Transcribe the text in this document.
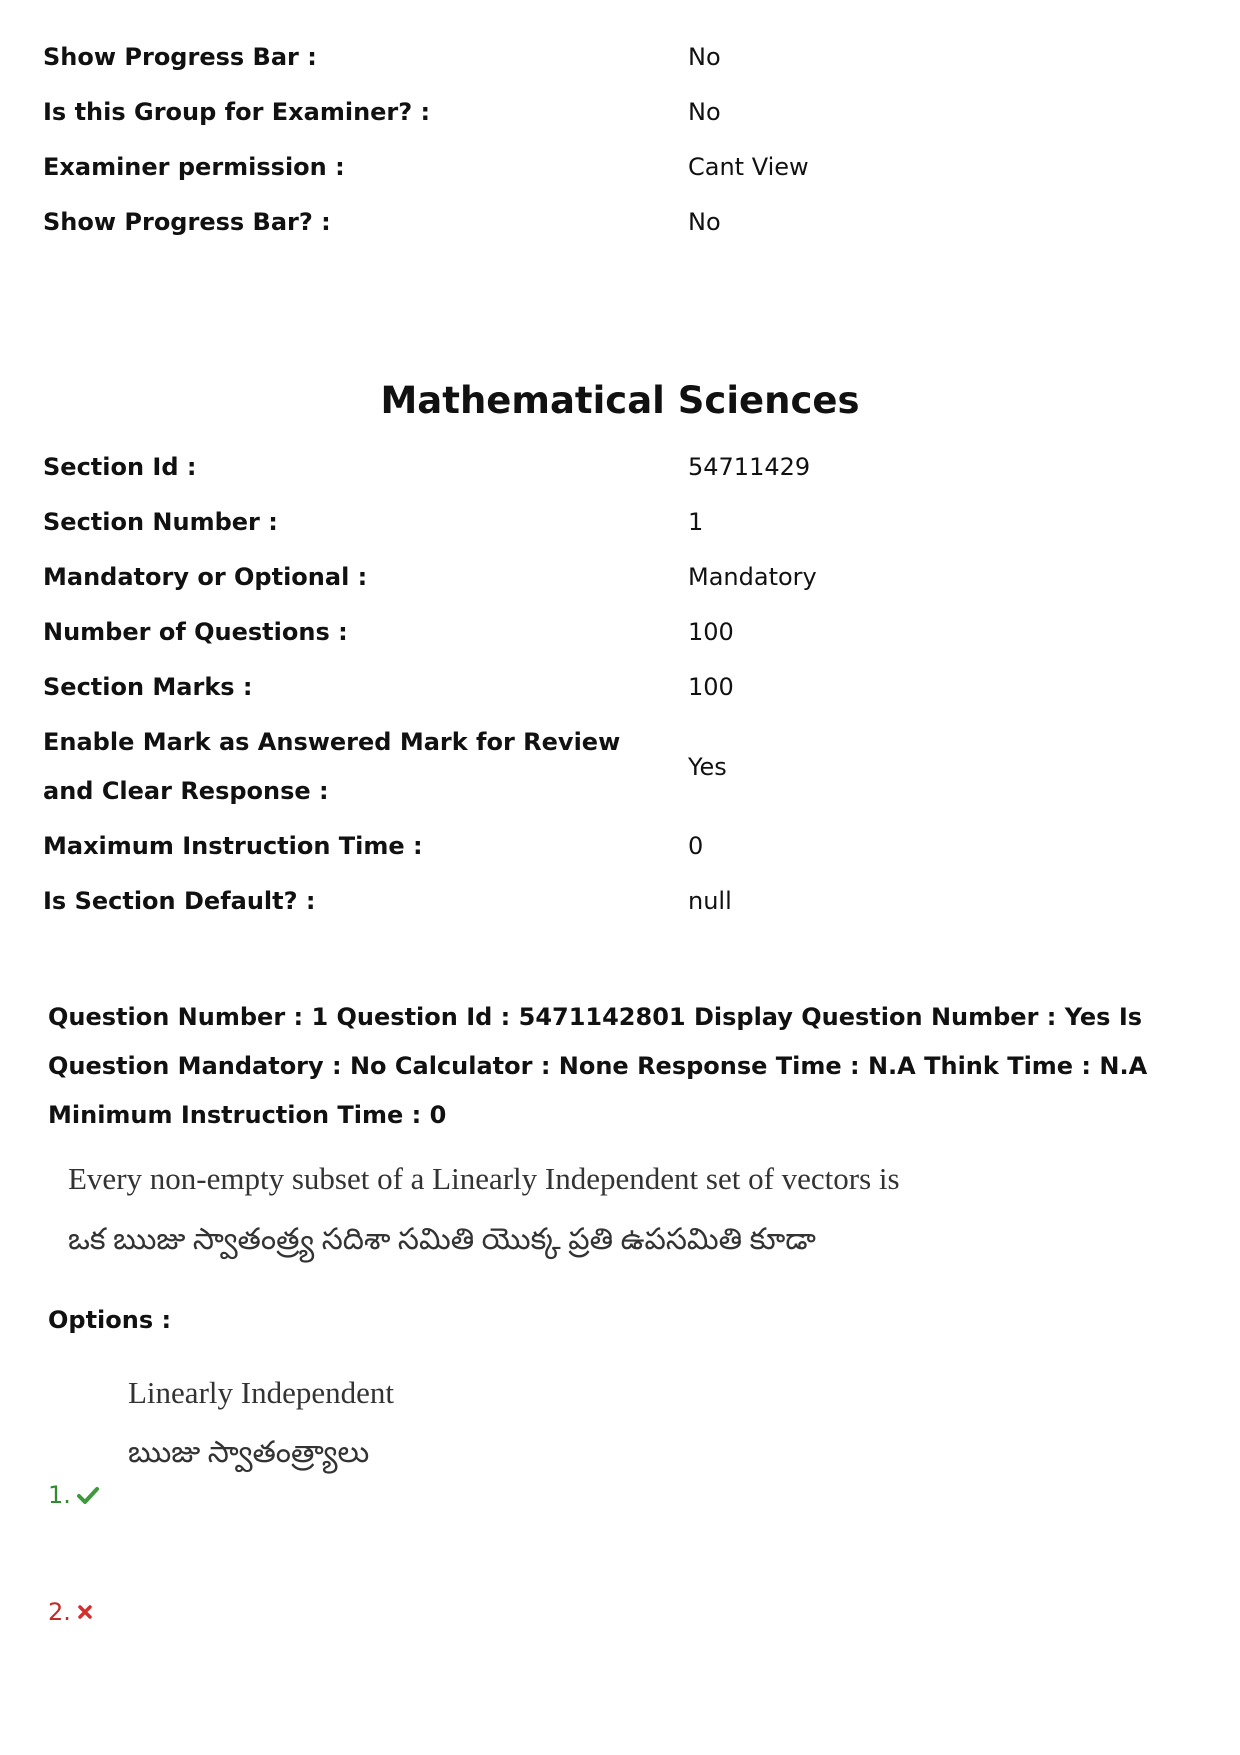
Show Progress Bar :	No
Is this Group for Examiner? :	No
Examiner permission :	Cant View
Show Progress Bar? :	No
Mathematical Sciences
Section Id :	54711429
Section Number :	1
Mandatory or Optional :	Mandatory
Number of Questions :	100
Section Marks :	100
Enable Mark as Answered Mark for Review and Clear Response :
Yes
Maximum Instruction Time :	0
Is Section Default? :	null
Question Number : 1 Question Id : 5471142801 Display Question Number : Yes Is Question Mandatory : No Calculator : None Response Time : N.A Think Time : N.A Minimum Instruction Time : 0
Every non-empty subset of a Linearly Independent set of vectors is
ఒక ఋజు స్వాతంత్ర్య సదిశా సమితి యొక్క ప్రతి ఉపసమితి కూడా
Options :
Linearly Independent
ఋజు స్వాతంత్ర్యాలు
1.
2.
